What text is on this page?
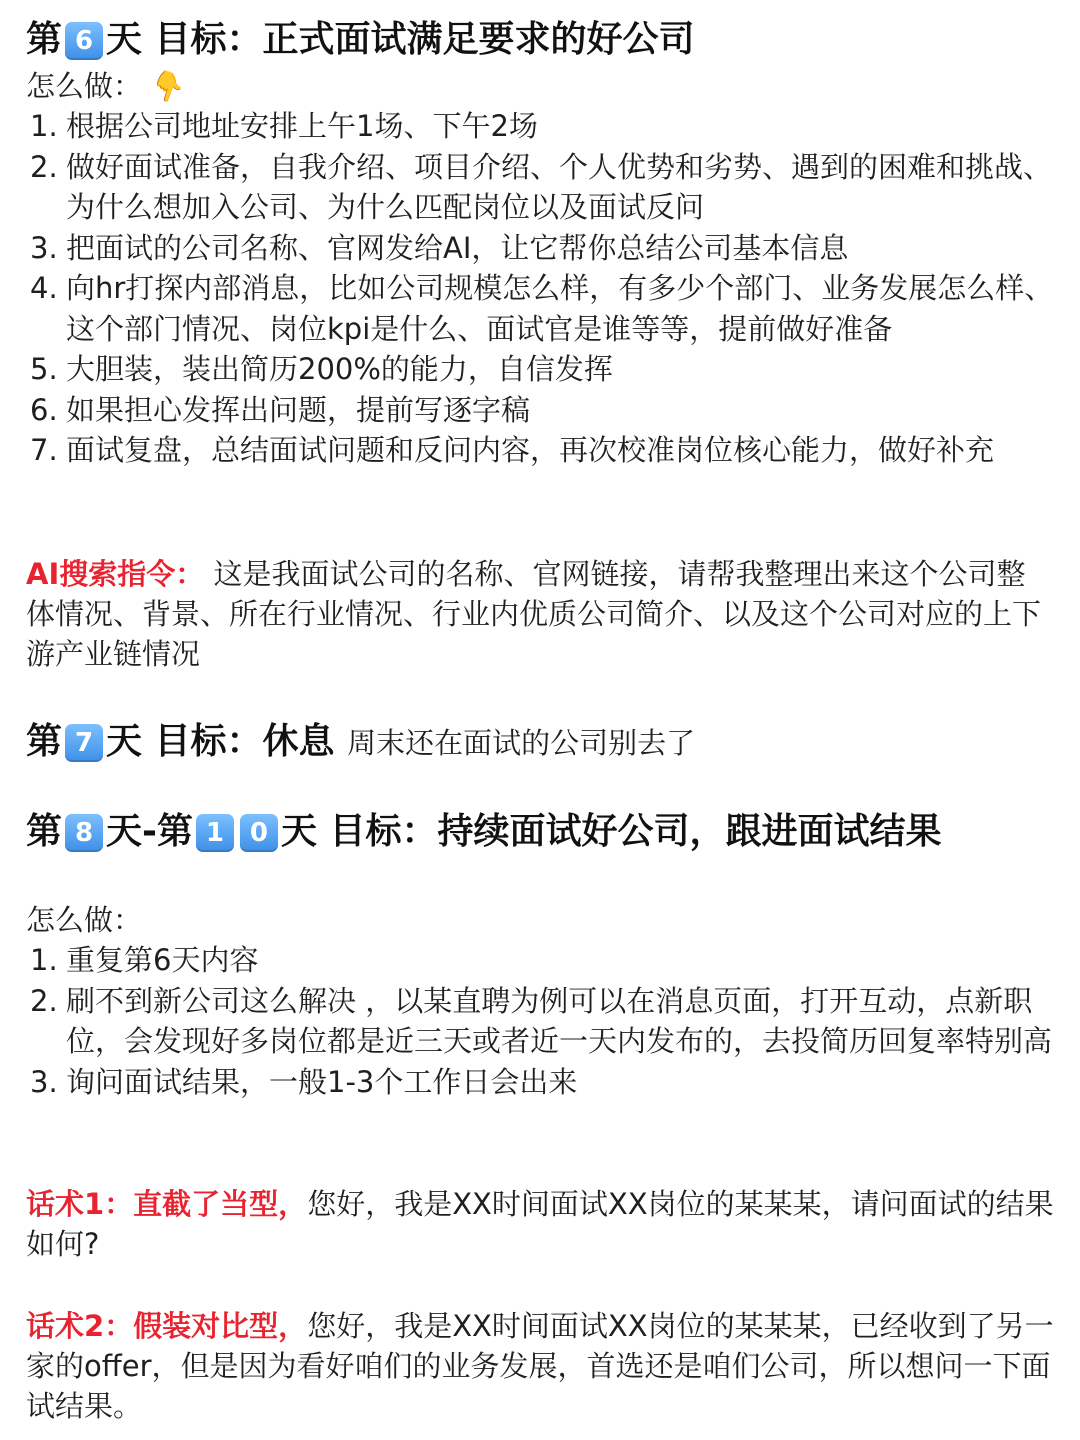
第 6 天 目标：正式面试满足要求的好公司
怎么做： 👇
1. 根据公司地址安排上午1场、下午2场
2. 做好面试准备，自我介绍、项目介绍、个人优势和劣势、遇到的困难和挑战、为什么想加入公司、为什么匹配岗位以及面试反问
3. 把面试的公司名称、官网发给AI，让它帮你总结公司基本信息
4. 向hr打探内部消息，比如公司规模怎么样，有多少个部门、业务发展怎么样、这个部门情况、岗位kpi是什么、面试官是谁等等，提前做好准备
5. 大胆装，装出简历200%的能力，自信发挥
6. 如果担心发挥出问题，提前写逐字稿
7. 面试复盘，总结面试问题和反问内容，再次校准岗位核心能力，做好补充
AI搜索指令： 这是我面试公司的名称、官网链接，请帮我整理出来这个公司整体情况、背景、所在行业情况、行业内优质公司简介、以及这个公司对应的上下游产业链情况
第 7 天 目标：休息 周末还在面试的公司别去了
第 8 天-第 1 0 天 目标：持续面试好公司，跟进面试结果
怎么做：
1. 重复第6天内容
2. 刷不到新公司这么解决 ，以某直聘为例可以在消息页面，打开互动，点新职位，会发现好多岗位都是近三天或者近一天内发布的，去投简历回复率特别高
3. 询问面试结果，一般1-3个工作日会出来
话术1：直截了当型，您好，我是XX时间面试XX岗位的某某某，请问面试的结果如何?
话术2：假装对比型，您好，我是XX时间面试XX岗位的某某某，已经收到了另一家的offer，但是因为看好咱们的业务发展，首选还是咱们公司，所以想问一下面试结果。
